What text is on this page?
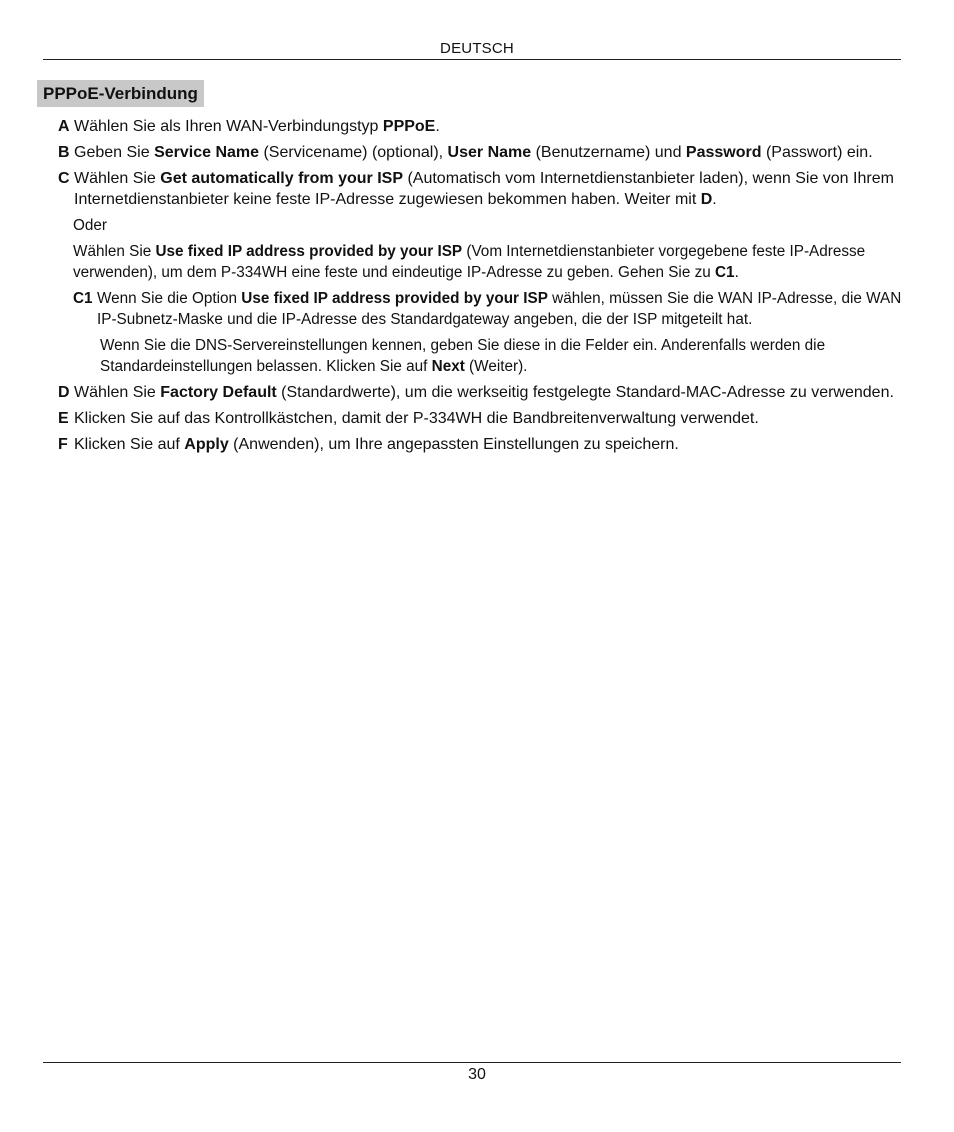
DEUTSCH
PPPoE-Verbindung
A Wählen Sie als Ihren WAN-Verbindungstyp PPPoE.
B Geben Sie Service Name (Servicename) (optional), User Name (Benutzername) und Password (Passwort) ein.
C Wählen Sie Get automatically from your ISP (Automatisch vom Internetdienstanbieter laden), wenn Sie von Ihrem Internetdienstanbieter keine feste IP-Adresse zugewiesen bekommen haben. Weiter mit D.
Oder
Wählen Sie Use fixed IP address provided by your ISP (Vom Internetdienstanbieter vorgegebene feste IP-Adresse verwenden), um dem P-334WH eine feste und eindeutige IP-Adresse zu geben. Gehen Sie zu C1.
C1 Wenn Sie die Option Use fixed IP address provided by your ISP wählen, müssen Sie die WAN IP-Adresse, die WAN IP-Subnetz-Maske und die IP-Adresse des Standardgateway angeben, die der ISP mitgeteilt hat.
Wenn Sie die DNS-Servereinstellungen kennen, geben Sie diese in die Felder ein. Anderenfalls werden die Standardeinstellungen belassen. Klicken Sie auf Next (Weiter).
D Wählen Sie Factory Default (Standardwerte), um die werkseitig festgelegte Standard-MAC-Adresse zu verwenden.
E Klicken Sie auf das Kontrollkästchen, damit der P-334WH die Bandbreitenverwaltung verwendet.
F Klicken Sie auf Apply (Anwenden), um Ihre angepassten Einstellungen zu speichern.
30
